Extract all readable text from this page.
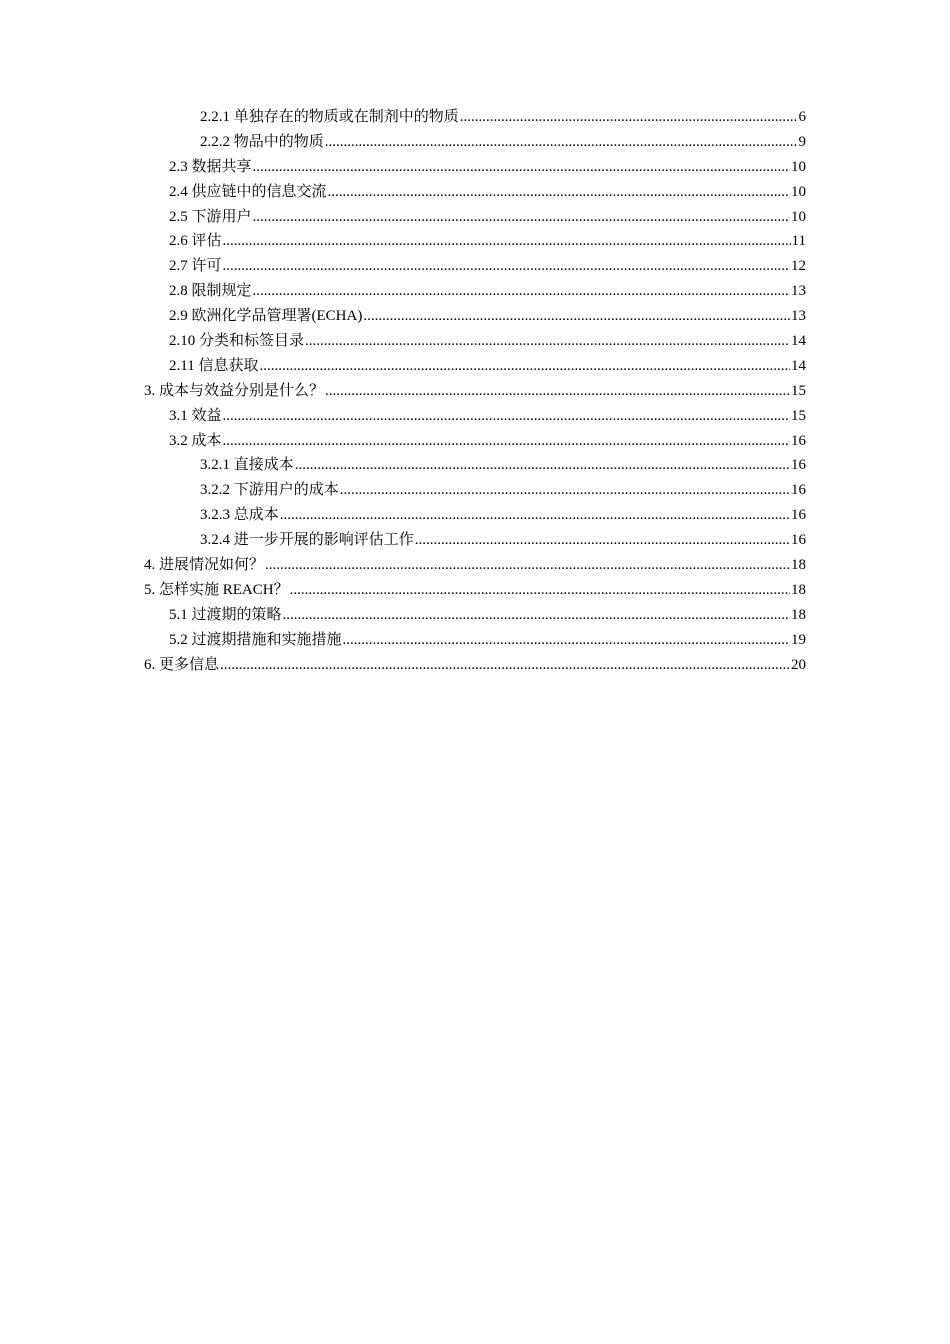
2.2.1 单独存在的物质或在制剂中的物质 .....	6
2.2.2 物品中的物质 .....	9
2.3 数据共享 .....	10
2.4 供应链中的信息交流 .....	10
2.5 下游用户 .....	10
2.6 评估 .....	11
2.7 许可 .....	12
2.8 限制规定 .....	13
2.9 欧洲化学品管理署(ECHA) .....	13
2.10 分类和标签目录 .....	14
2.11 信息获取 .....	14
3. 成本与效益分别是什么？ .....	15
3.1 效益 .....	15
3.2 成本 .....	16
3.2.1 直接成本 .....	16
3.2.2 下游用户的成本 .....	16
3.2.3 总成本 .....	16
3.2.4 进一步开展的影响评估工作 .....	16
4. 进展情况如何？ .....	18
5. 怎样实施 REACH？ .....	18
5.1 过渡期的策略 .....	18
5.2 过渡期措施和实施措施 .....	19
6. 更多信息 .....	20
